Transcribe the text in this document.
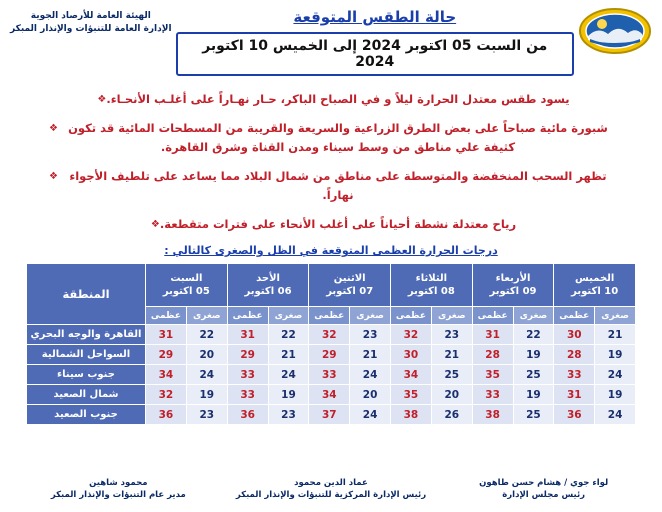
الهيئة العامة للأرصاد الجوية
الإدارة العامة للتنبؤات والإنذار المبكر
حالة الطقس المتوقعة
من السبت 05 اكتوبر 2024 إلى الخميس 10 اكتوبر 2024
يسود طقس معتدل الحرارة ليلاً و في الصباح الباكر، حـار نهـاراً على أغلـب الأنحـاء.
❖
شبورة مائية صباحاً على بعض الطرق الزراعية والسريعة والقريبة من المسطحات المائية قد تكون كثيفة علي مناطق من وسط سيناء ومدن القناة وشرق القاهرة.
❖
تظهر السحب المنخفضة والمتوسطة على مناطق من شمال البلاد مما يساعد على تلطيف الأجواء نهاراً.
❖
رياح معتدلة نشطة أحياناً على أغلب الأنحاء على فترات متقطعة.
❖
درجات الحرارة العظمى المتوقعة في الظل والصغرى كالتالي :
الخميس
10 اكتوبر

الأربعاء
09 اكتوبر

الثلاثاء
08 اكتوبر

الاثنين
07 اكتوبر

الأحد
06 اكتوبر

السبت
05 اكتوبر
	المنطقة
صغرى	عظمى	صغرى	عظمى	صغرى	عظمى	صغرى	عظمى	صغرى	عظمى	صغرى	عظمى	
21	30	22	31	23	32	23	32	22	31	22	31	القاهرة والوجه البحري
19	28	19	28	21	30	21	29	21	29	20	29	السواحل الشمالية
24	33	25	35	25	34	24	33	24	33	24	34	جنوب سيناء
19	31	19	33	20	35	20	34	19	33	19	32	شمال الصعيد
24	36	25	38	26	38	24	37	23	36	23	36	جنوب الصعيد
لواء جوي / هشام حسن طاهون
رئيس مجلس الإدارة
عماد الدين محمود
رئيس الإدارة المركزية للتنبؤات والإنذار المبكر
محمود شاهين
مدير عام التنبؤات والإنذار المبكر
